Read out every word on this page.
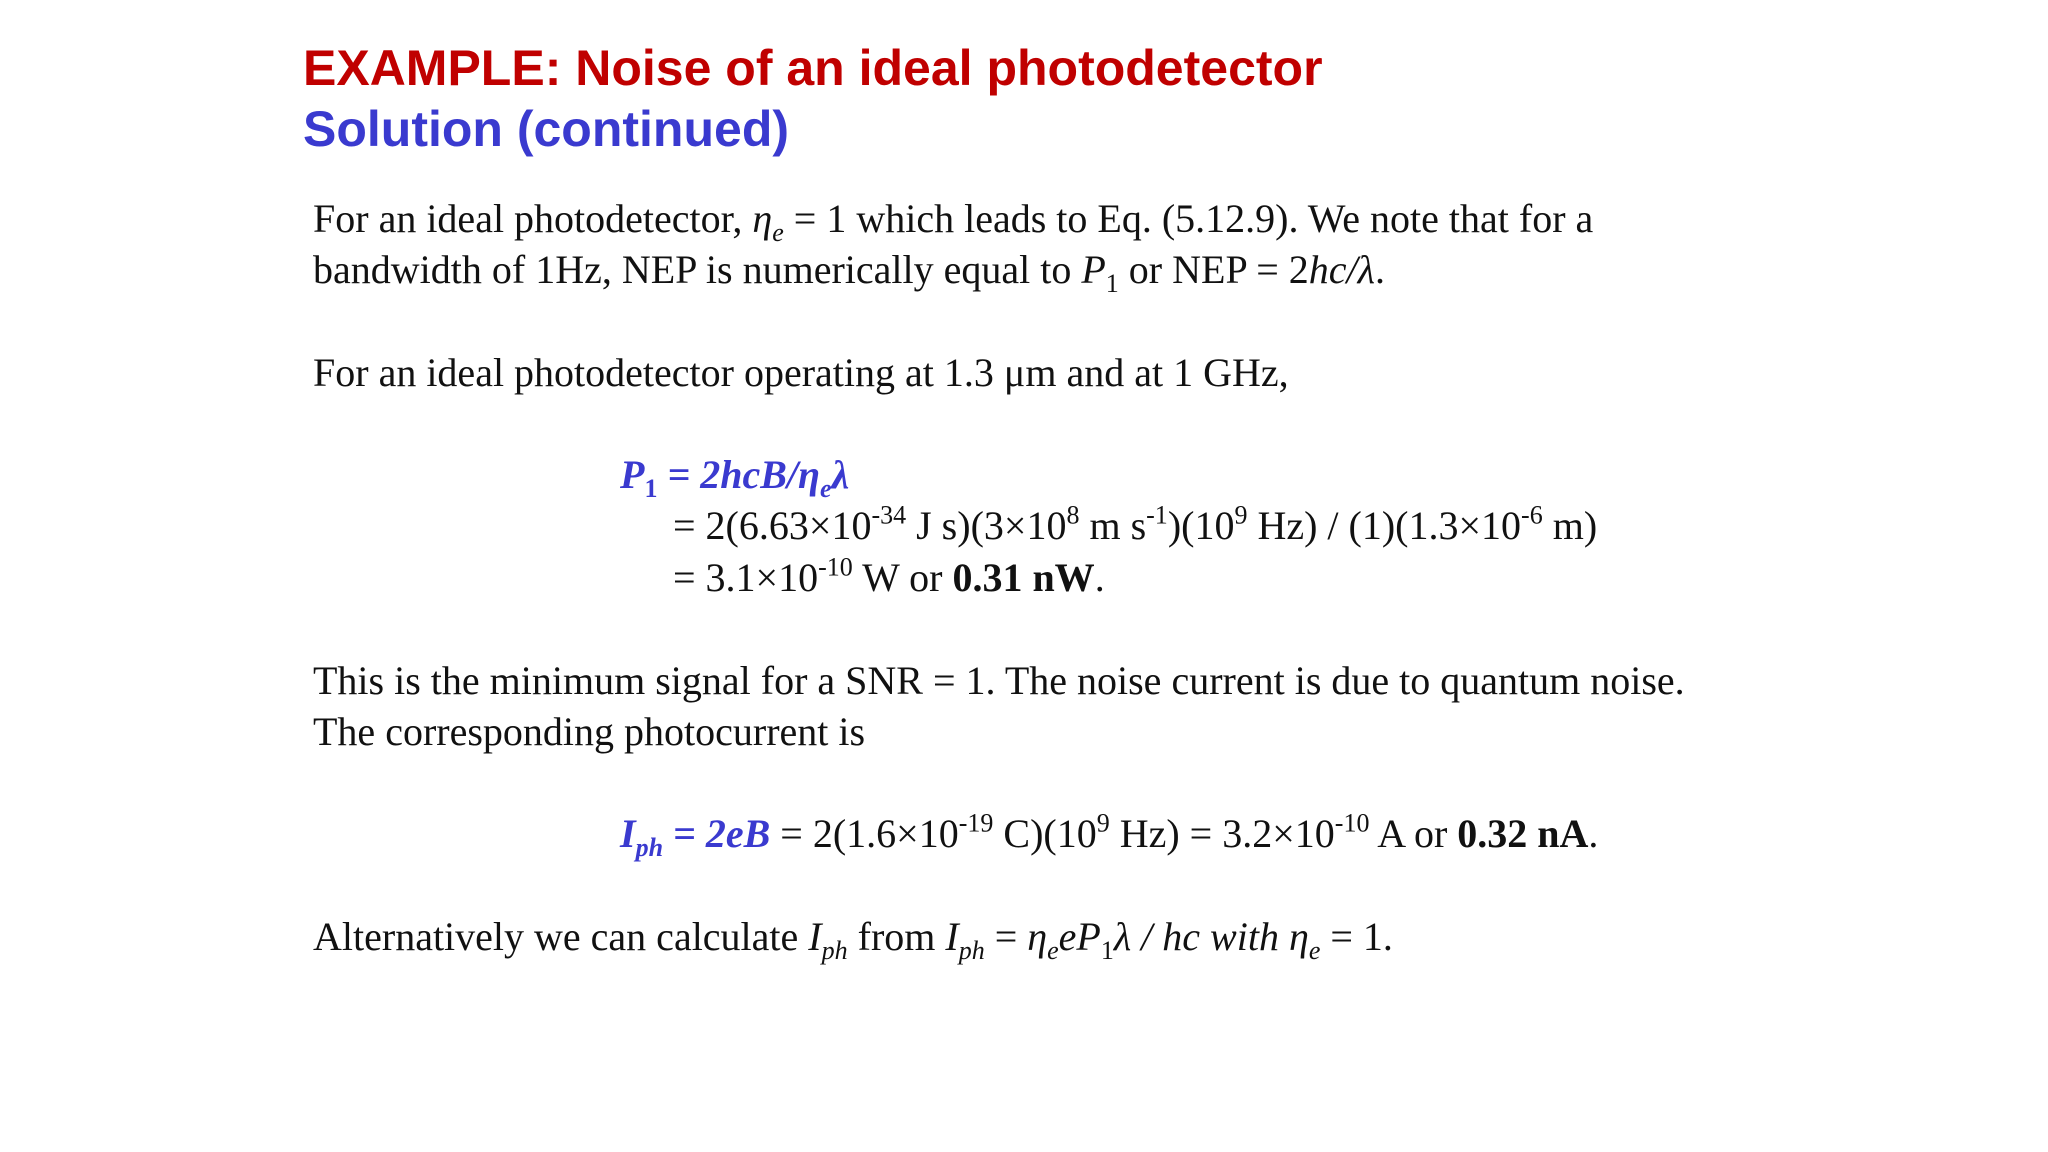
EXAMPLE: Noise of an ideal photodetector
Solution (continued)
For an ideal photodetector, $\eta_e = 1$ which leads to Eq. (5.12.9). We note that for a
bandwidth of 1Hz, NEP is numerically equal to $P_1$ or NEP = 2hc/λ.
For an ideal photodetector operating at 1.3 μm and at 1 GHz,
$P_1 = 2hcB/\eta_e\lambda$
= $2(6.63\times 10^{-34}$ J $s)(3\times 10^8$ m $s^{-1})(10^9$ $Hz) / (1)(1.3\times 10^{-6}$ m)
= $3.1\times 10^{-10}$ W or 0.31 nW.
This is the minimum signal for a SNR = 1. The noise current is due to quantum noise.
The corresponding photocurrent is
$I_{ph} = 2eB = 2(1.6\times 10^{-19}$ $C)(10^9$ $Hz) = 3.2\times 10^{-10}$ A or 0.32 nA.
Alternatively we can calculate $I_{ph}$ from $I_{ph} = \eta_eeP_1\lambda$ / hc with $\eta_e = 1$.
